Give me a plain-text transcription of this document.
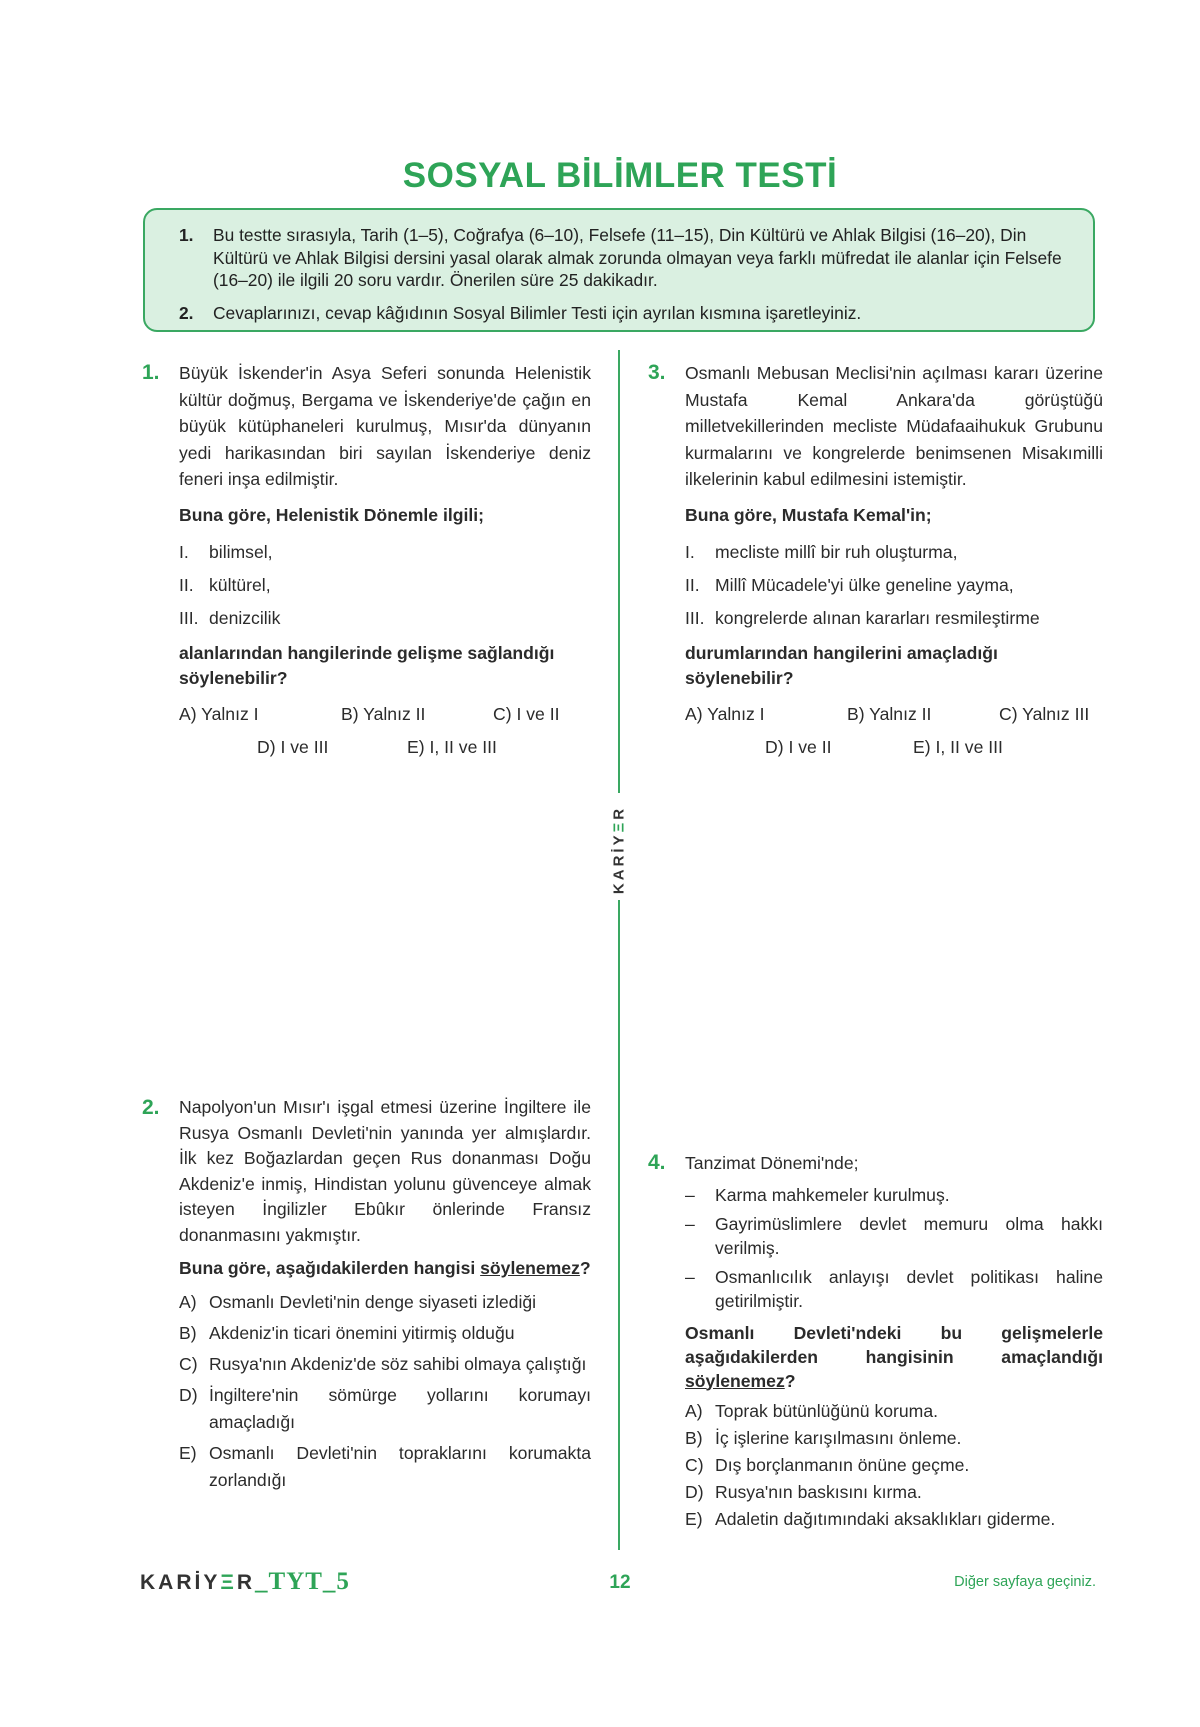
SOSYAL BİLİMLER TESTİ
1.	Bu testte sırasıyla, Tarih (1–5), Coğrafya (6–10), Felsefe (11–15), Din Kültürü ve Ahlak Bilgisi (16–20), Din Kültürü ve Ahlak Bilgisi dersini yasal olarak almak zorunda olmayan veya farklı müfredat ile alanlar için Felsefe (16–20) ile ilgili 20 soru vardır. Önerilen süre 25 dakikadır.
2.	Cevaplarınızı, cevap kâğıdının Sosyal Bilimler Testi için ayrılan kısmına işaretleyiniz.
KARİYΞR
1. Büyük İskender'in Asya Seferi sonunda Helenistik kültür doğmuş, Bergama ve İskenderiye'de çağın en büyük kütüphaneleri kurulmuş, Mısır'da dünyanın yedi harikasından biri sayılan İskenderiye deniz feneri inşa edilmiştir.

Buna göre, Helenistik Dönemle ilgili;

I. bilimsel,
II. kültürel,
III. denizcilik

alanlarından hangilerinde gelişme sağlandığı söylenebilir?

A) Yalnız I	B) Yalnız II	C) I ve II
D) I ve III	E) I, II ve III
3. Osmanlı Mebusan Meclisi'nin açılması kararı üzerine Mustafa Kemal Ankara'da görüştüğü milletvekillerinden mecliste Müdafaaihukuk Grubunu kurmalarını ve kongrelerde benimsenen Misakımilli ilkelerinin kabul edilmesini istemiştir.

Buna göre, Mustafa Kemal'in;

I. mecliste millî bir ruh oluşturma,
II. Millî Mücadele'yi ülke geneline yayma,
III. kongrelerde alınan kararları resmileştirme

durumlarından hangilerini amaçladığı söylenebilir?

A) Yalnız I	B) Yalnız II	C) Yalnız III
D) I ve II	E) I, II ve III
2. Napolyon'un Mısır'ı işgal etmesi üzerine İngiltere ile Rusya Osmanlı Devleti'nin yanında yer almışlardır. İlk kez Boğazlardan geçen Rus donanması Doğu Akdeniz'e inmiş, Hindistan yolunu güvenceye almak isteyen İngilizler Ebûkır önlerinde Fransız donanmasını yakmıştır.

Buna göre, aşağıdakilerden hangisi söylenemez?

A) Osmanlı Devleti'nin denge siyaseti izlediği
B) Akdeniz'in ticari önemini yitirmiş olduğu
C) Rusya'nın Akdeniz'de söz sahibi olmaya çalıştığı
D) İngiltere'nin sömürge yollarını korumayı amaçladığı
E) Osmanlı Devleti'nin topraklarını korumakta zorlandığı
4. Tanzimat Dönemi'nde;

–	Karma mahkemeler kurulmuş.
–	Gayrimüslimlere devlet memuru olma hakkı verilmiş.
–	Osmanlıcılık anlayışı devlet politikası haline getirilmiştir.

Osmanlı Devleti'ndeki bu gelişmelerle aşağıdakilerden hangisinin amaçlandığı söylenemez?

A) Toprak bütünlüğünü koruma.
B) İç işlerine karışılmasını önleme.
C) Dış borçlanmanın önüne geçme.
D) Rusya'nın baskısını kırma.
E) Adaletin dağıtımındaki aksaklıkları giderme.
KARİYΞR_TYT_5	12	Diğer sayfaya geçiniz.
